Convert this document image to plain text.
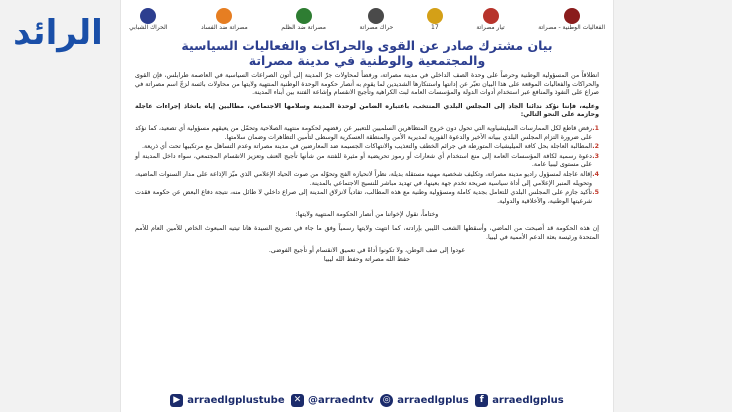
الرائد	الفعاليات الوطنية - مصراتة
تيار مصراتة
17
حراك مصراتة
مصراتة ضد الظلم
مصراتة ضد الفساد
الحراك الشبابي
بيان مشترك صادر عن القوى والحراكات والفعاليات السياسية
والمجتمعية والوطنية في مدينة مصراتة

انطلاقاً من المسؤولية الوطنية وحرصاً على وحدة الصف الداخلي في مدينة مصراتة، ورفضاً لمحاولات جرّ المدينة إلى أتون الصراعات السياسية في العاصمة طرابلس، فإن القوى والحراكات والفعاليات الموقعة على هذا البيان تعبّر عن إدانتها واستنكارها الشديدين لما يقوم به أنصار حكومة الوحدة الوطنية المنتهية ولايتها من محاولات بائسة لزجّ اسم مصراتة في صراع على النفوذ والمنافع عبر استخدام أدوات الدولة والمؤسسات العامة لبث الكراهية وتأجيج الانقسام وإشاعة الفتنة بين أبناء المدينة.

وعليه، فإننا نؤكد ندائنا الجاد إلى المجلس البلدي المنتخب، باعتباره الضامن لوحدة المدينة وسلامها الاجتماعي، مطالبين إياه باتخاذ إجراءات عاجلة وحازمة على النحو التالي:

1.
رفض قاطع لكل الممارسات الميليشياوية التي تحول دون خروج المتظاهرين السلميين للتعبير عن رفضهم لحكومة منتهية الصلاحية وتحمّل من يعيقهم مسؤولية أي تصعيد، كما نؤكد على ضرورة التزام المجلس البلدي ببيانه الأخير والدعوة الفورية لمديرية الأمن والمنطقة العسكرية الوسطى لتأمين التظاهرات وضمان سلامتها.
2.
المطالبة العاجلة بحل كافة الميليشيات المتورطة في جرائم الخطف والتعذيب والانتهاكات الجسيمة ضد المعارضين في مدينة مصراتة وعدم التساهل مع مرتكبيها تحت أي ذريعة.
3.
دعوة رسمية لكافة المؤسسات العامة إلى منع استخدام أي شعارات أو رموز تحريضية أو مثيرة للفتنة من شأنها تأجيج العنف وتعزيز الانقسام المجتمعي، سواء داخل المدينة أو على مستوى ليبيا عامة.
4.
إقالة عاجلة لمسؤول راديو مدينة مصراتة، وتكليف شخصية مهنية مستقلة بديلة، نظراً لانحيازه الفج وتحوّله من صوت الحياد الإعلامي الذي ميّز الإذاعة على مدار السنوات الماضية، وتحويله المنبر الإعلامي إلى أداة سياسية صريحة تخدم جهة بعينها، في تهديد مباشر للنسيج الاجتماعي بالمدينة.
5.
تأكيد جازم على المجلس البلدي للتعامل بجدية كاملة ومسؤولية وطنية مع هذه المطالب، تفادياً لانزلاق المدينة إلى صراع داخلي لا طائل منه، نتيجة دفاع البعض عن حكومة فقدت شرعيتها الوطنية، والأخلاقية والدولية.

وختاماً، نقول لإخواننا من أنصار الحكومة المنتهية ولايتها:

إن هذه الحكومة قد أصبحت من الماضي، وأسقطها الشعب الليبي بإرادته، كما انتهت ولايتها رسمياً وفق ما جاء في تصريح السيدة هانا تيتيه المبعوث الخاص للأمين العام للأمم المتحدة ورئيسة بعثة الدعم الأممية في ليبيا.

عودوا إلى صف الوطن، ولا تكونوا أداةً في تعميق الانقسام أو تأجيج الفوضى.

حفظ الله مصراتة وحفظ الله ليبيا

▶ arraedlgplustube	✕ @arraedntv ◎ arraedlgplus	f arraedlgplus
